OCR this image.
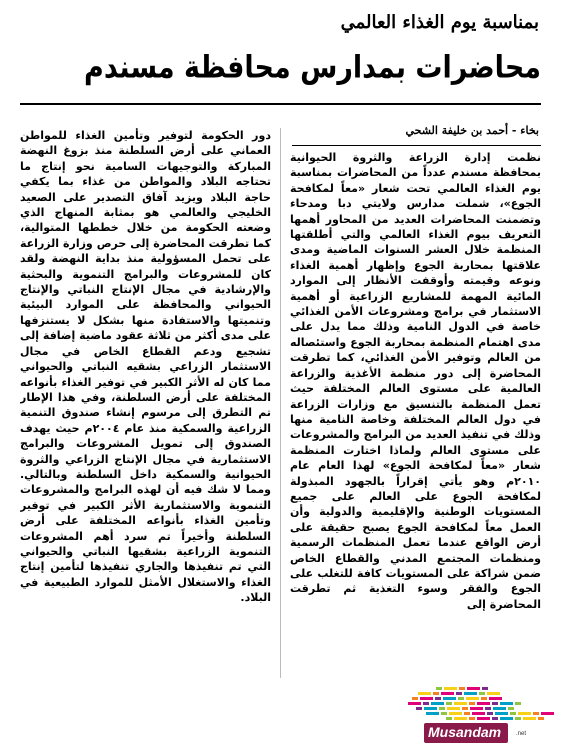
بمناسبة يوم الغذاء العالمي
محاضرات بمدارس محافظة مسندم
بخاء - أحمد بن خليفة الشحي

نظمت إدارة الزراعة والثروة الحيوانية بمحافظة مسندم عدداً من المحاضرات بمناسبة يوم الغذاء العالمي تحت شعار «معاً لمكافحة الجوع»، شملت مدارس ولايتي دبا ومدحاء وتضمنت المحاضرات العديد من المحاور أهمها التعريف بيوم الغذاء العالمي والتي أطلقتها المنظمة خلال العشر السنوات الماضية ومدى علاقتها بمحاربة الجوع وإظهار أهمية الغذاء ونوعه وقيمته وأوقفت الأنظار إلى الموارد المائية المهمة للمشاريع الزراعية أو أهمية الاستثمار في برامج ومشروعات الأمن الغذائي خاصة في الدول النامية وذلك مما يدل على مدى اهتمام المنظمة بمحاربة الجوع واستئصاله من العالم وتوفير الأمن الغذائي، كما تطرقت المحاضرة إلى دور منظمة الأغذية والزراعة العالمية على مستوى العالم المختلفة حيث تعمل المنظمة بالتنسيق مع وزارات الزراعة في دول العالم المختلفة وخاصة النامية منها وذلك في تنفيذ العديد من البرامج والمشروعات على مستوى العالم ولماذا اختارت المنظمة شعار «معاً لمكافحة الجوع» لهذا العام عام ٢٠١٠م وهو يأتي إقراراً بالجهود المبذولة لمكافحة الجوع على العالم على جميع المستويات الوطنية والإقليمية والدولية وأن العمل معاً لمكافحة الجوع يصبح حقيقة على أرض الواقع عندما تعمل المنظمات الرسمية ومنظمات المجتمع المدني والقطاع الخاص ضمن شراكة على المستويات كافة للتغلب على الجوع والفقر وسوء التغذية ثم تطرقت المحاضرة إلى

دور الحكومة لتوفير وتأمين الغذاء للمواطن العماني على أرض السلطنة منذ بزوغ النهضة المباركة والتوجيهات السامية نحو إنتاج ما تحتاجه البلاد والمواطن من غذاء بما يكفي حاجة البلاد ويزيد آفاق التصدير على الصعيد الخليجي والعالمي هو بمثابة المنهاج الذي وضعته الحكومة من خلال خططها المتوالية، كما تطرقت المحاضرة إلى حرص وزارة الزراعة على تحمل المسؤولية منذ بداية النهضة ولقد كان للمشروعات والبرامج التنموية والبحثية والإرشادية في مجال الإنتاج النباتي والإنتاج الحيواني والمحافظة على الموارد البيئية وتنميتها والاستفادة منها بشكل لا يستنزفها على مدى أكثر من ثلاثة عقود ماضية إضافة إلى تشجيع ودعم القطاع الخاص في مجال الاستثمار الزراعي بشقيه النباتي والحيواني مما كان له الأثر الكبير في توفير الغذاء بأنواعه المختلفة على أرض السلطنة، وفي هذا الإطار تم التطرق إلى مرسوم إنشاء صندوق التنمية الزراعية والسمكية منذ عام ٢٠٠٤م حيث يهدف الصندوق إلى تمويل المشروعات والبرامج الاستثمارية في مجال الإنتاج الزراعي والثروة الحيوانية والسمكية داخل السلطنة وبالتالي. ومما لا شك فيه أن لهذه البرامج والمشروعات التنموية والاستثمارية الأثر الكبير في توفير وتأمين الغذاء بأنواعه المختلفة على أرض السلطنة وأخيراً تم سرد أهم المشروعات التنموية الزراعية بشقيها النباتي والحيواني التي تم تنفيذها والجاري تنفيذها لتأمين إنتاج الغذاء والاستغلال الأمثل للموارد الطبيعية في البلاد.

Musandam .net
